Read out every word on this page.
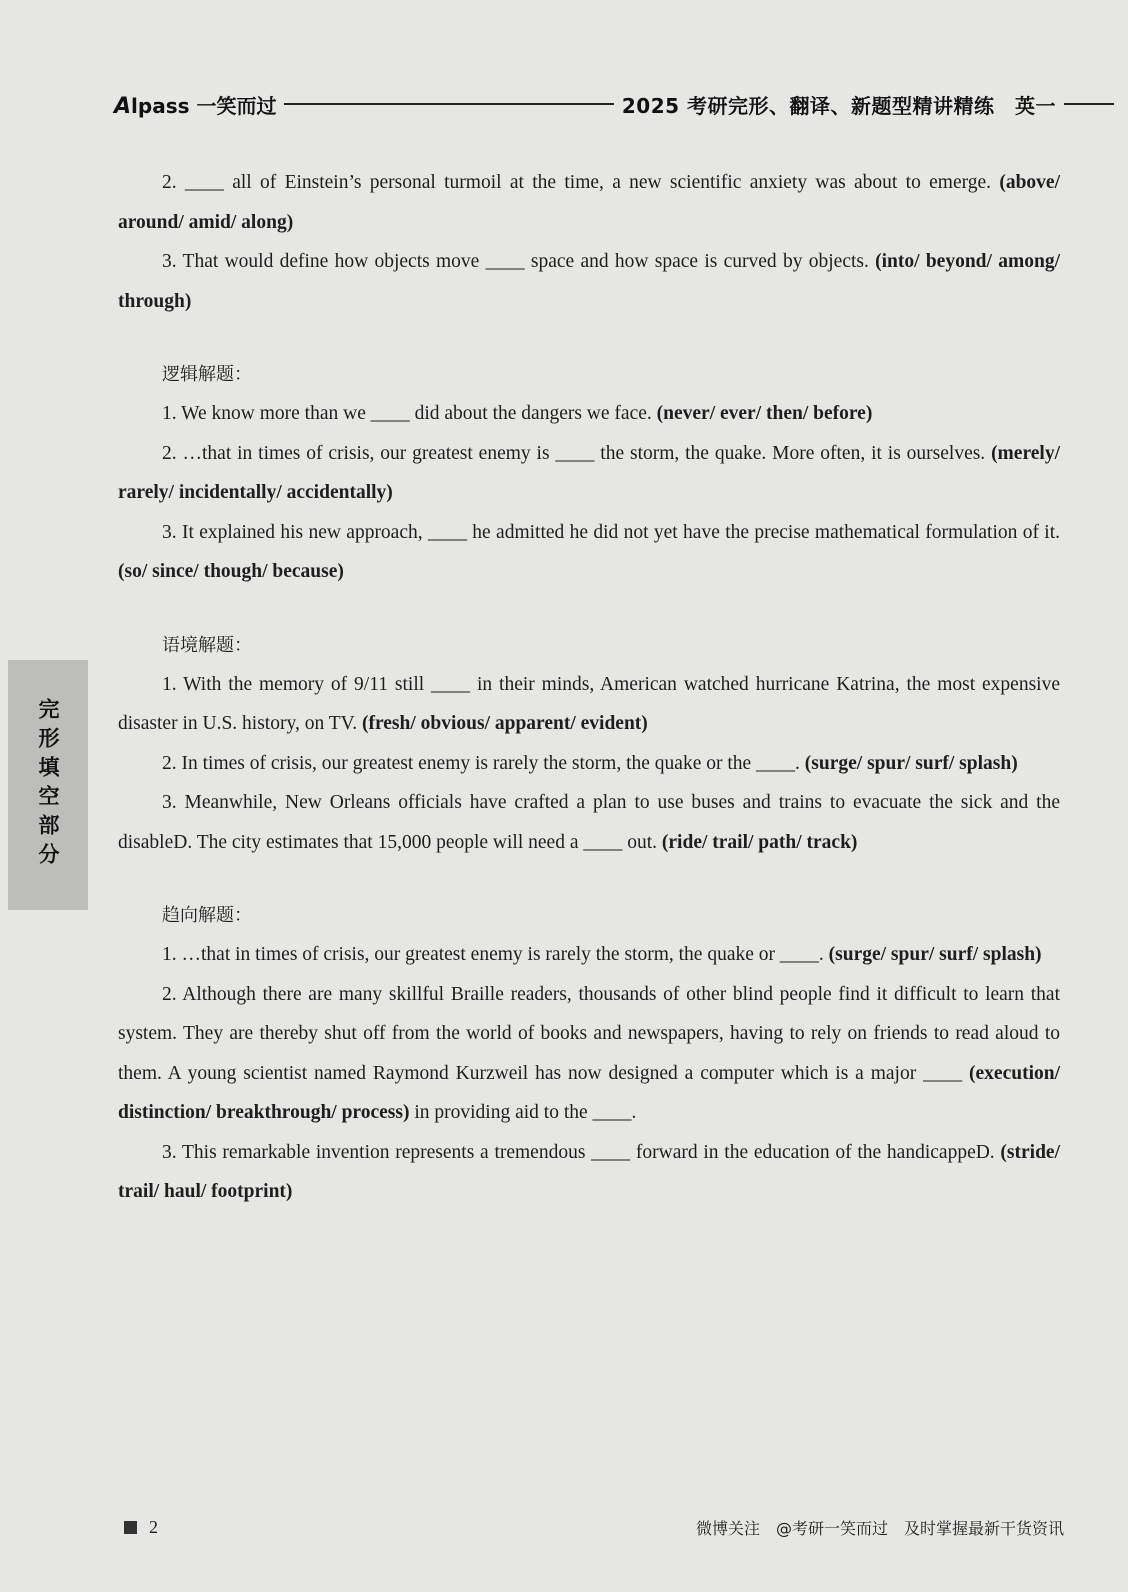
Alpass 一笑而过	2025 考研完形、翻译、新题型精讲精练　英一
完形填空部分

2. ____ all of Einstein’s personal turmoil at the time, a new scientific anxiety was about to emerge. (above/ around/ amid/ along)

3. That would define how objects move ____ space and how space is curved by objects. (into/ beyond/ among/ through)

逻辑解题：

1. We know more than we ____ did about the dangers we face. (never/ ever/ then/ before)

2. …that in times of crisis, our greatest enemy is ____ the storm, the quake. More often, it is ourselves. (merely/ rarely/ incidentally/ accidentally)

3. It explained his new approach, ____ he admitted he did not yet have the precise mathematical formulation of it. (so/ since/ though/ because)

语境解题：

1. With the memory of 9/11 still ____ in their minds, American watched hurricane Katrina, the most expensive disaster in U.S. history, on TV. (fresh/ obvious/ apparent/ evident)

2. In times of crisis, our greatest enemy is rarely the storm, the quake or the ____. (surge/ spur/ surf/ splash)

3. Meanwhile, New Orleans officials have crafted a plan to use buses and trains to evacuate the sick and the disableD. The city estimates that 15,000 people will need a ____ out. (ride/ trail/ path/ track)

趋向解题：

1. …that in times of crisis, our greatest enemy is rarely the storm, the quake or ____. (surge/ spur/ surf/ splash)

2. Although there are many skillful Braille readers, thousands of other blind people find it difficult to learn that system. They are thereby shut off from the world of books and newspapers, having to rely on friends to read aloud to them. A young scientist named Raymond Kurzweil has now designed a computer which is a major ____ (execution/ distinction/ breakthrough/ process) in providing aid to the ____.

3. This remarkable invention represents a tremendous ____ forward in the education of the handicappeD. (stride/ trail/ haul/ footprint)

2	微博关注　@考研一笑而过　及时掌握最新干货资讯
